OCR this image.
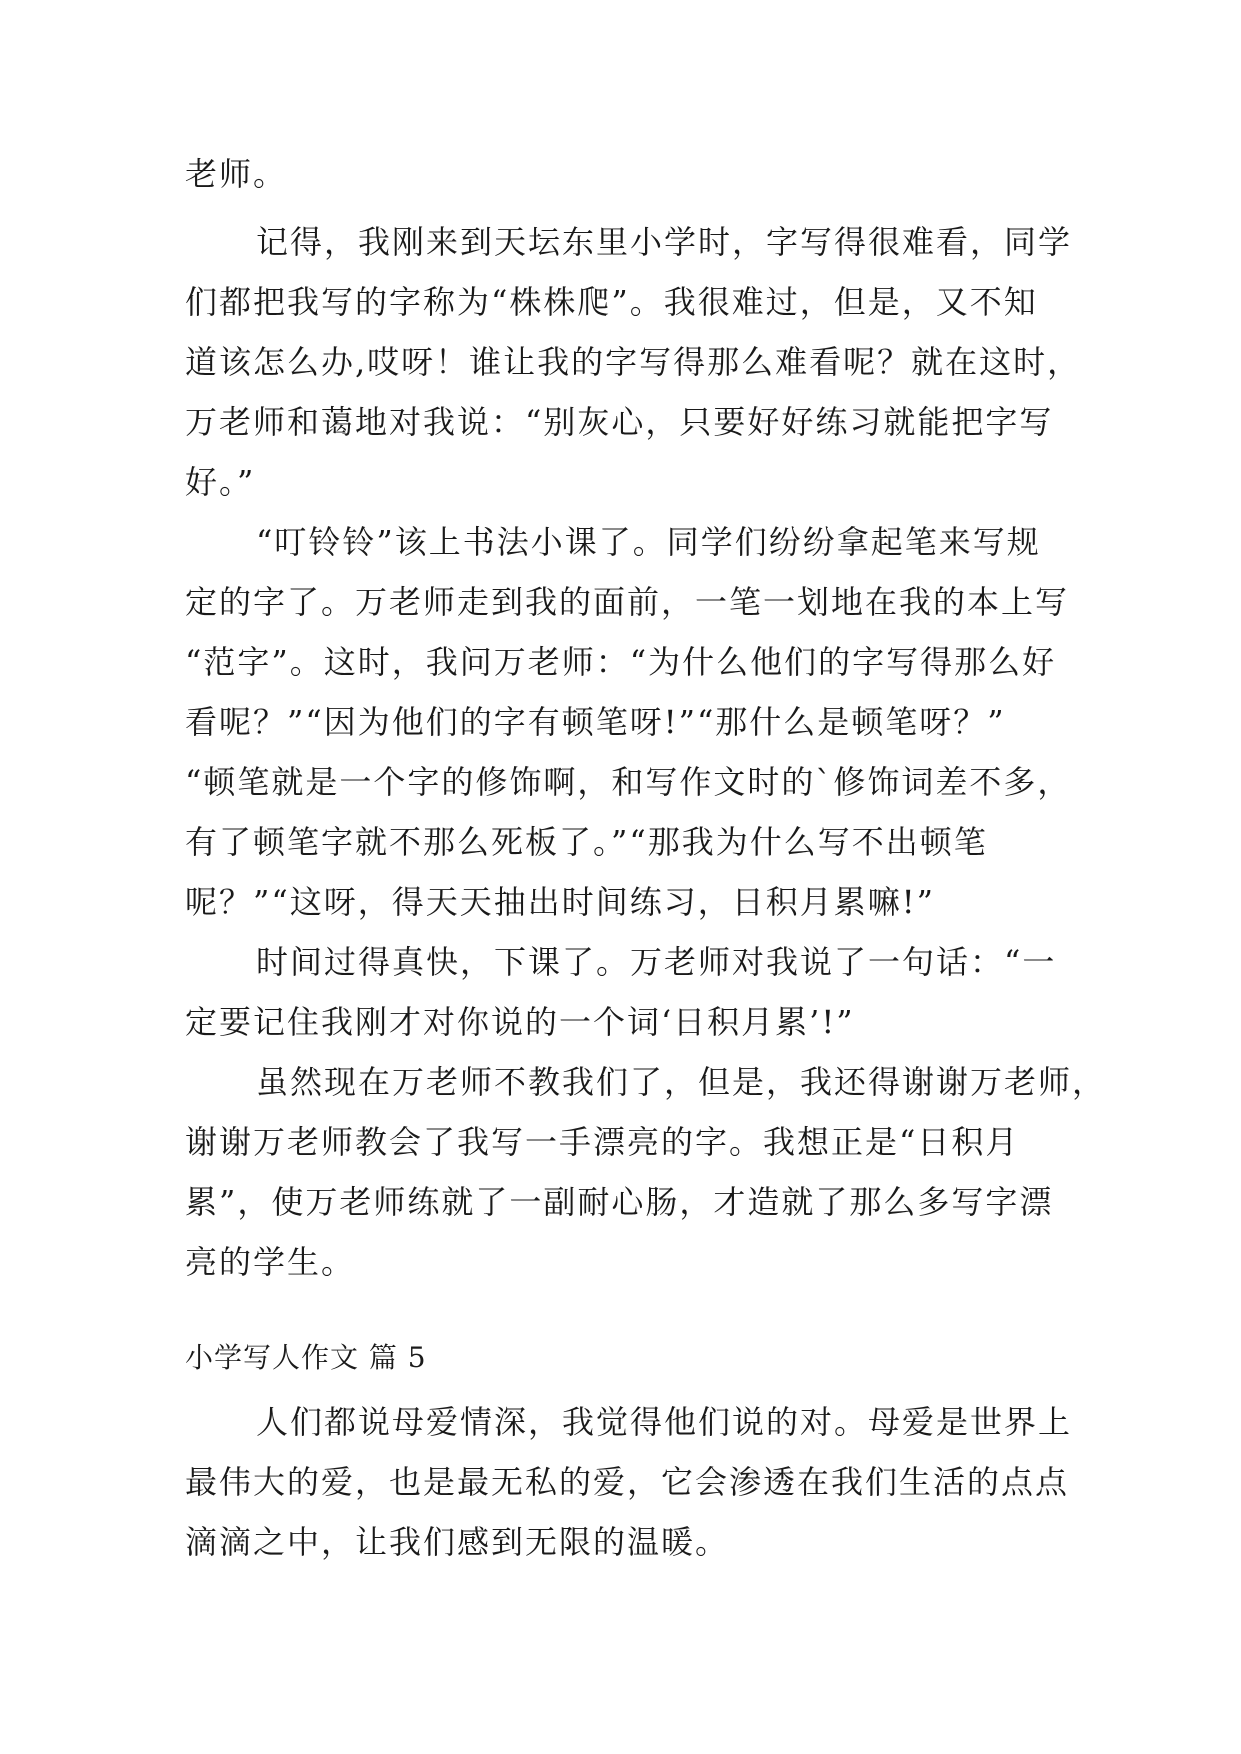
老师。
记得，我刚来到天坛东里小学时，字写得很难看，同学
们都把我写的字称为“株株爬”。我很难过，但是，又不知
道该怎么办,哎呀！谁让我的字写得那么难看呢？就在这时，
万老师和蔼地对我说：“别灰心，只要好好练习就能把字写
好。”
“叮铃铃”该上书法小课了。同学们纷纷拿起笔来写规
定的字了。万老师走到我的面前，一笔一划地在我的本上写
“范字”。这时，我问万老师：“为什么他们的字写得那么好
看呢？”“因为他们的字有顿笔呀!”“那什么是顿笔呀？”
“顿笔就是一个字的修饰啊，和写作文时的`修饰词差不多，
有了顿笔字就不那么死板了。”“那我为什么写不出顿笔
呢？”“这呀，得天天抽出时间练习，日积月累嘛!”
时间过得真快，下课了。万老师对我说了一句话：“一
定要记住我刚才对你说的一个词‘日积月累’!”
虽然现在万老师不教我们了，但是，我还得谢谢万老师，
谢谢万老师教会了我写一手漂亮的字。我想正是“日积月
累”，使万老师练就了一副耐心肠，才造就了那么多写字漂
亮的学生。
小学写人作文 篇 5
人们都说母爱情深，我觉得他们说的对。母爱是世界上
最伟大的爱，也是最无私的爱，它会渗透在我们生活的点点
滴滴之中，让我们感到无限的温暖。
